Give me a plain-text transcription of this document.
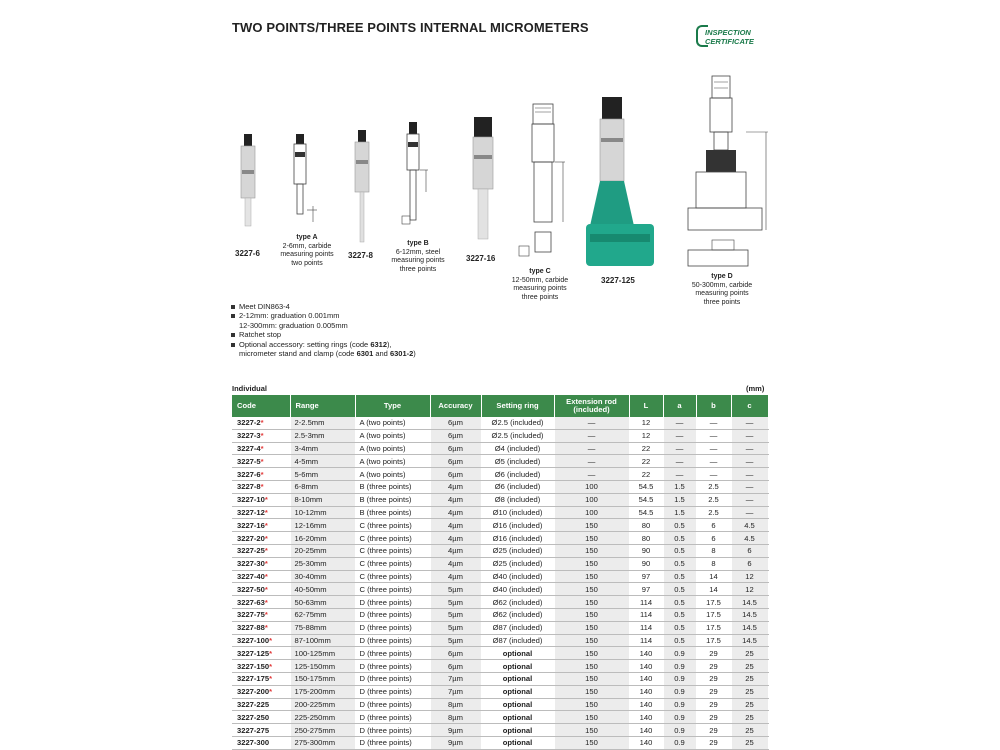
TWO POINTS/THREE POINTS INTERNAL MICROMETERS	INSPECTION
CERTIFICATE
3227-6
type A
2-6mm, carbide
measuring points
two points
3227-8
type B
6-12mm, steel
measuring points
three points
3227-16
type C
12-50mm, carbide
measuring points
three points
3227-125	type D
50-300mm, carbide
measuring points
three points
Meet DIN863-4
2-12mm: graduation 0.001mm
12-300mm: graduation 0.005mm
Ratchet stop
Optional accessory: setting rings (code 6312),
micrometer stand and clamp (code 6301 and 6301-2)
Individual	(mm)
Code	Range	Type	Accuracy	Setting ring	Extension rod
(included)	L	a	b	c
3227-2*	2-2.5mm	A (two points)	6µm	Ø2.5 (included)	—	12	—	—	—
3227-3*	2.5-3mm	A (two points)	6µm	Ø2.5 (included)	—	12	—	—	—
3227-4*	3-4mm	A (two points)	6µm	Ø4 (included)	—	22	—	—	—
3227-5*	4-5mm	A (two points)	6µm	Ø5 (included)	—	22	—	—	—
3227-6*	5-6mm	A (two points)	6µm	Ø6 (included)	—	22	—	—	—
3227-8*	6-8mm	B (three points)	4µm	Ø6 (included)	100	54.5	1.5	2.5	—
3227-10*	8-10mm	B (three points)	4µm	Ø8 (included)	100	54.5	1.5	2.5	—
3227-12*	10-12mm	B (three points)	4µm	Ø10 (included)	100	54.5	1.5	2.5	—
3227-16*	12-16mm	C (three points)	4µm	Ø16 (included)	150	80	0.5	6	4.5
3227-20*	16-20mm	C (three points)	4µm	Ø16 (included)	150	80	0.5	6	4.5
3227-25*	20-25mm	C (three points)	4µm	Ø25 (included)	150	90	0.5	8	6
3227-30*	25-30mm	C (three points)	4µm	Ø25 (included)	150	90	0.5	8	6
3227-40*	30-40mm	C (three points)	4µm	Ø40 (included)	150	97	0.5	14	12
3227-50*	40-50mm	C (three points)	5µm	Ø40 (included)	150	97	0.5	14	12
3227-63*	50-63mm	D (three points)	5µm	Ø62 (included)	150	114	0.5	17.5	14.5
3227-75*	62-75mm	D (three points)	5µm	Ø62 (included)	150	114	0.5	17.5	14.5
3227-88*	75-88mm	D (three points)	5µm	Ø87 (included)	150	114	0.5	17.5	14.5
3227-100*	87-100mm	D (three points)	5µm	Ø87 (included)	150	114	0.5	17.5	14.5
3227-125*	100-125mm	D (three points)	6µm	optional	150	140	0.9	29	25
3227-150*	125-150mm	D (three points)	6µm	optional	150	140	0.9	29	25
3227-175*	150-175mm	D (three points)	7µm	optional	150	140	0.9	29	25
3227-200*	175-200mm	D (three points)	7µm	optional	150	140	0.9	29	25
3227-225	200-225mm	D (three points)	8µm	optional	150	140	0.9	29	25
3227-250	225-250mm	D (three points)	8µm	optional	150	140	0.9	29	25
3227-275	250-275mm	D (three points)	9µm	optional	150	140	0.9	29	25
3227-300	275-300mm	D (three points)	9µm	optional	150	140	0.9	29	25
